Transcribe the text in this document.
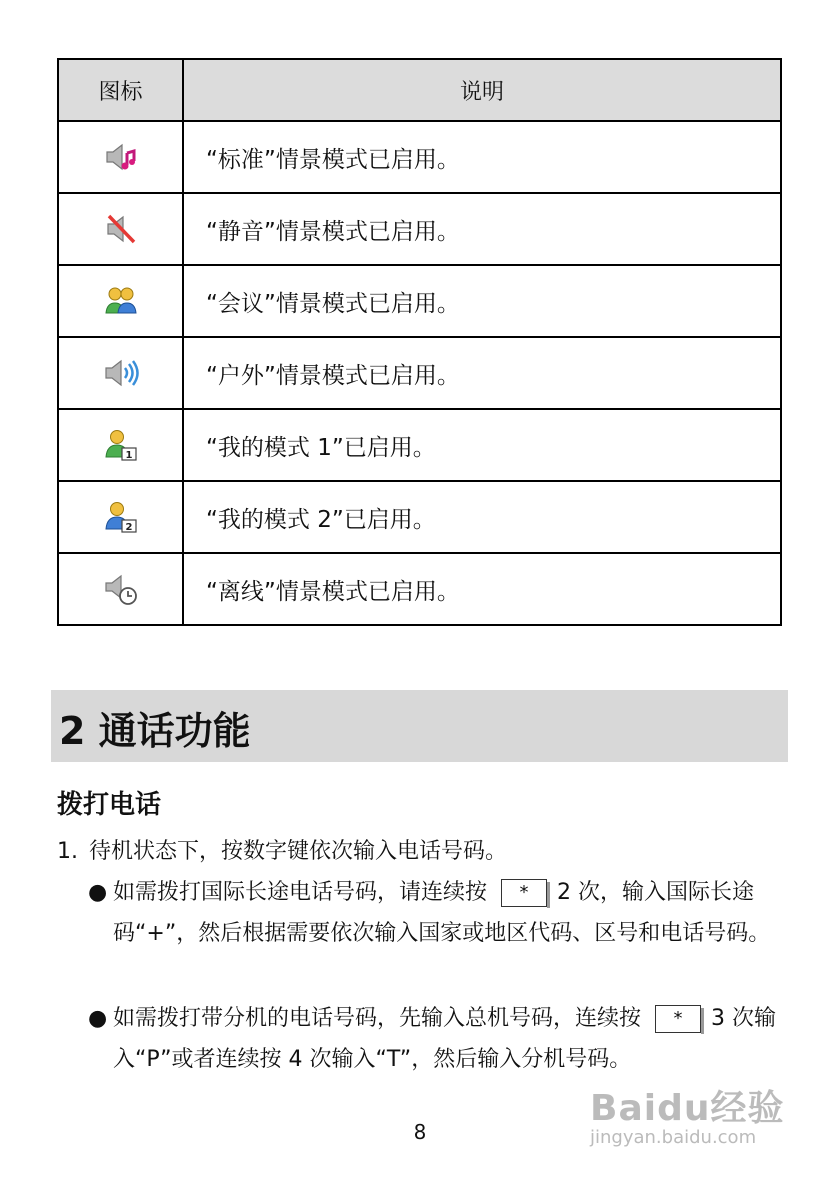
图标	说明
	“标准”情景模式已启用。
	“静音”情景模式已启用。
	“会议”情景模式已启用。
	“户外”情景模式已启用。

1	“我的模式 1”已启用。

2	“我的模式 2”已启用。
	“离线”情景模式已启用。
2 通话功能
拨打电话
1. 待机状态下，按数字键依次输入电话号码。
● 如需拨打国际长途电话号码，请连续按 * 2 次，输入国际长途码“+”，然后根据需要依次输入国家或地区代码、区号和电话号码。
● 如需拨打带分机的电话号码，先输入总机号码，连续按 * 3 次输入“P”或者连续按 4 次输入“T”，然后输入分机号码。
8
Baidu经验
jingyan.baidu.com
